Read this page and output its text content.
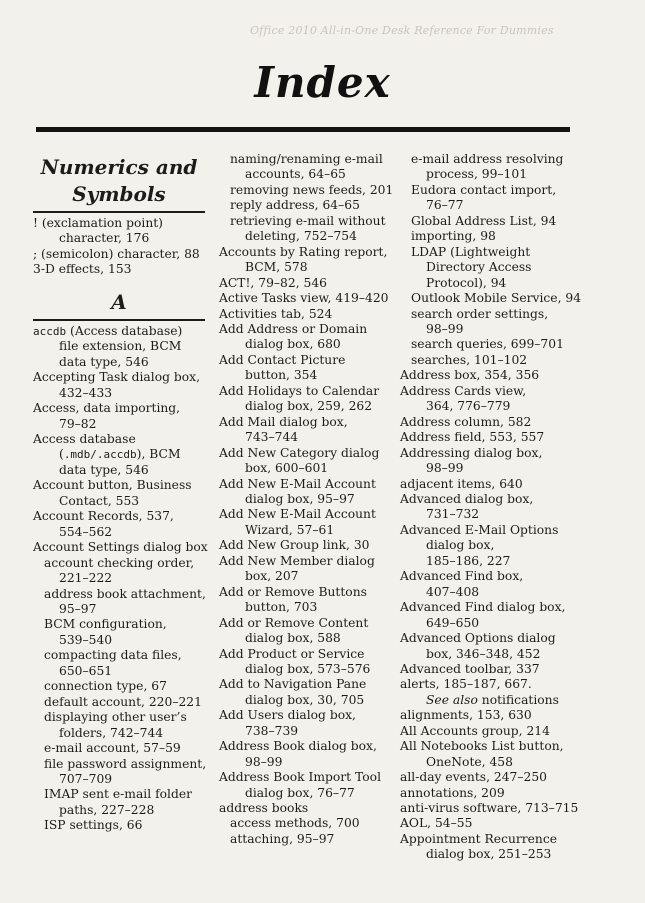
Office 2010 All-in-One Desk Reference For Dummies
Index
Numerics and
Symbols
! (exclamation point)
character, 176
; (semicolon) character, 88
3-D effects, 153
A
accdb (Access database)
file extension, BCM
data type, 546
Accepting Task dialog box,
432–433
Access, data importing,
79–82
Access database
(.mdb/.accdb), BCM
data type, 546
Account button, Business
Contact, 553
Account Records, 537,
554–562
Account Settings dialog box
account checking order,
221–222
address book attachment,
95–97
BCM configuration,
539–540
compacting data files,
650–651
connection type, 67
default account, 220–221
displaying other user’s
folders, 742–744
e-mail account, 57–59
file password assignment,
707–709
IMAP sent e-mail folder
paths, 227–228
ISP settings, 66
naming/renaming e-mail
accounts, 64–65
removing news feeds, 201
reply address, 64–65
retrieving e-mail without
deleting, 752–754
Accounts by Rating report,
BCM, 578
ACT!, 79–82, 546
Active Tasks view, 419–420
Activities tab, 524
Add Address or Domain
dialog box, 680
Add Contact Picture
button, 354
Add Holidays to Calendar
dialog box, 259, 262
Add Mail dialog box,
743–744
Add New Category dialog
box, 600–601
Add New E-Mail Account
dialog box, 95–97
Add New E-Mail Account
Wizard, 57–61
Add New Group link, 30
Add New Member dialog
box, 207
Add or Remove Buttons
button, 703
Add or Remove Content
dialog box, 588
Add Product or Service
dialog box, 573–576
Add to Navigation Pane
dialog box, 30, 705
Add Users dialog box,
738–739
Address Book dialog box,
98–99
Address Book Import Tool
dialog box, 76–77
address books
access methods, 700
attaching, 95–97
e-mail address resolving
process, 99–101
Eudora contact import,
76–77
Global Address List, 94
importing, 98
LDAP (Lightweight
Directory Access
Protocol), 94
Outlook Mobile Service, 94
search order settings,
98–99
search queries, 699–701
searches, 101–102
Address box, 354, 356
Address Cards view,
364, 776–779
Address column, 582
Address field, 553, 557
Addressing dialog box,
98–99
adjacent items, 640
Advanced dialog box,
731–732
Advanced E-Mail Options
dialog box,
185–186, 227
Advanced Find box,
407–408
Advanced Find dialog box,
649–650
Advanced Options dialog
box, 346–348, 452
Advanced toolbar, 337
alerts, 185–187, 667.
See also notifications
alignments, 153, 630
All Accounts group, 214
All Notebooks List button,
OneNote, 458
all-day events, 247–250
annotations, 209
anti-virus software, 713–715
AOL, 54–55
Appointment Recurrence
dialog box, 251–253
